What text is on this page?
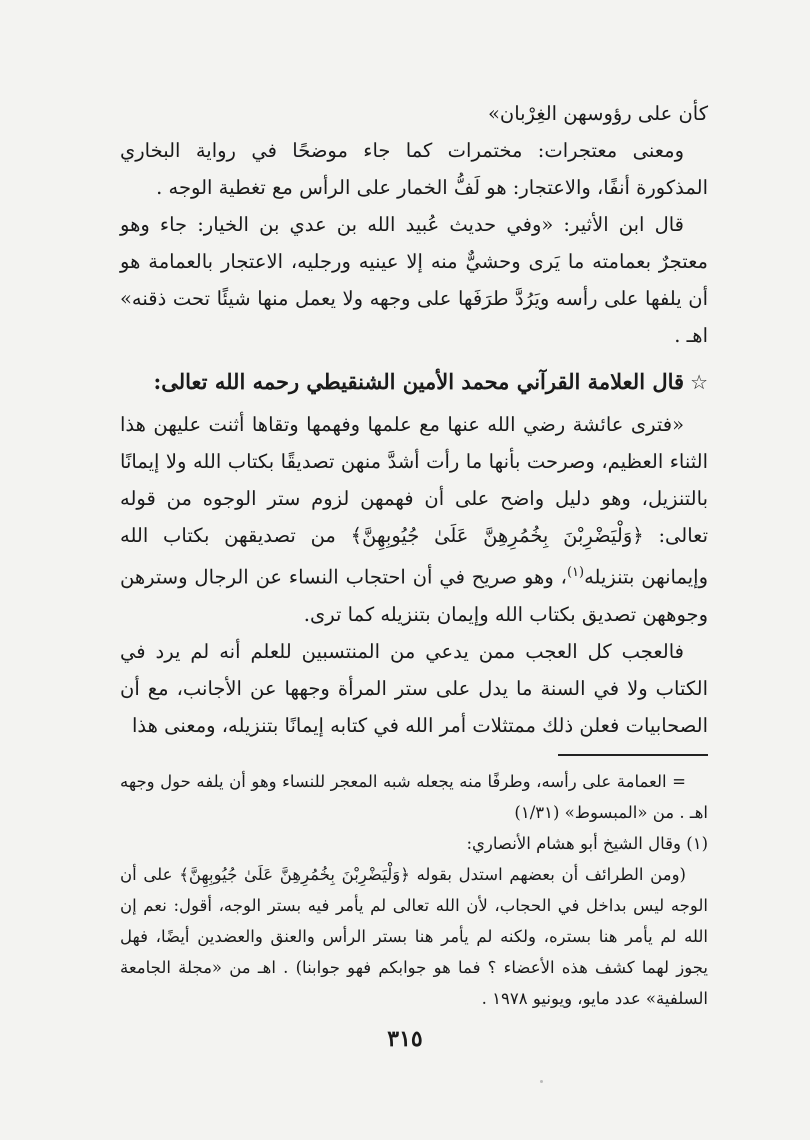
كأن على رؤوسهن الغِرْبان»

ومعنى معتجرات: مختمرات كما جاء موضحًا في رواية البخاري المذكورة أنفًا، والاعتجار: هو لَفُّ الخمار على الرأس مع تغطية الوجه .

قال ابن الأثير: «وفي حديث عُبيد الله بن عدي بن الخيار: جاء وهو معتجرٌ بعمامته ما يَرى وحشيٌّ منه إلا عينيه ورجليه، الاعتجار بالعمامة هو أن يلفها على رأسه ويَرُدَّ طرَفَها على وجهه ولا يعمل منها شيئًا تحت ذقنه» اهـ .

☆
قال العلامة القرآني محمد الأمين الشنقيطي رحمه الله تعالى:

«فترى عائشة رضي الله عنها مع علمها وفهمها وتقاها أثنت عليهن هذا الثناء العظيم، وصرحت بأنها ما رأت أشدَّ منهن تصديقًا بكتاب الله ولا إيمانًا بالتنزيل، وهو دليل واضح على أن فهمهن لزوم ستر الوجوه من قوله تعالى: ﴿وَلْيَضْرِبْنَ بِخُمُرِهِنَّ عَلَىٰ جُيُوبِهِنَّ﴾ من تصديقهن بكتاب الله وإيمانهن بتنزيله$^{(١)}$، وهو صريح في أن احتجاب النساء عن الرجال وسترهن وجوههن تصديق بكتاب الله وإيمان بتنزيله كما ترى.

فالعجب كل العجب ممن يدعي من المنتسبين للعلم أنه لم يرد في الكتاب ولا في السنة ما يدل على ستر المرأة وجهها عن الأجانب، مع أن الصحابيات فعلن ذلك ممتثلات أمر الله في كتابه إيمانًا بتنزيله، ومعنى هذا

= العمامة على رأسه، وطرفًا منه يجعله شبه المعجر للنساء وهو أن يلفه حول وجهه اهـ . من «المبسوط» (١/٣١)

(١) وقال الشيخ أبو هشام الأنصاري:

(ومن الطرائف أن بعضهم استدل بقوله ﴿وَلْيَضْرِبْنَ بِخُمُرِهِنَّ عَلَىٰ جُيُوبِهِنَّ﴾ على أن الوجه ليس بداخل في الحجاب، لأن الله تعالى لم يأمر فيه بستر الوجه، أقول: نعم إن الله لم يأمر هنا بستره، ولكنه لم يأمر هنا بستر الرأس والعنق والعضدين أيضًا، فهل يجوز لهما كشف هذه الأعضاء ؟ فما هو جوابكم فهو جوابنا) . اهـ من «مجلة الجامعة السلفية» عدد مايو، ويونيو ١٩٧٨ .

٣١٥
